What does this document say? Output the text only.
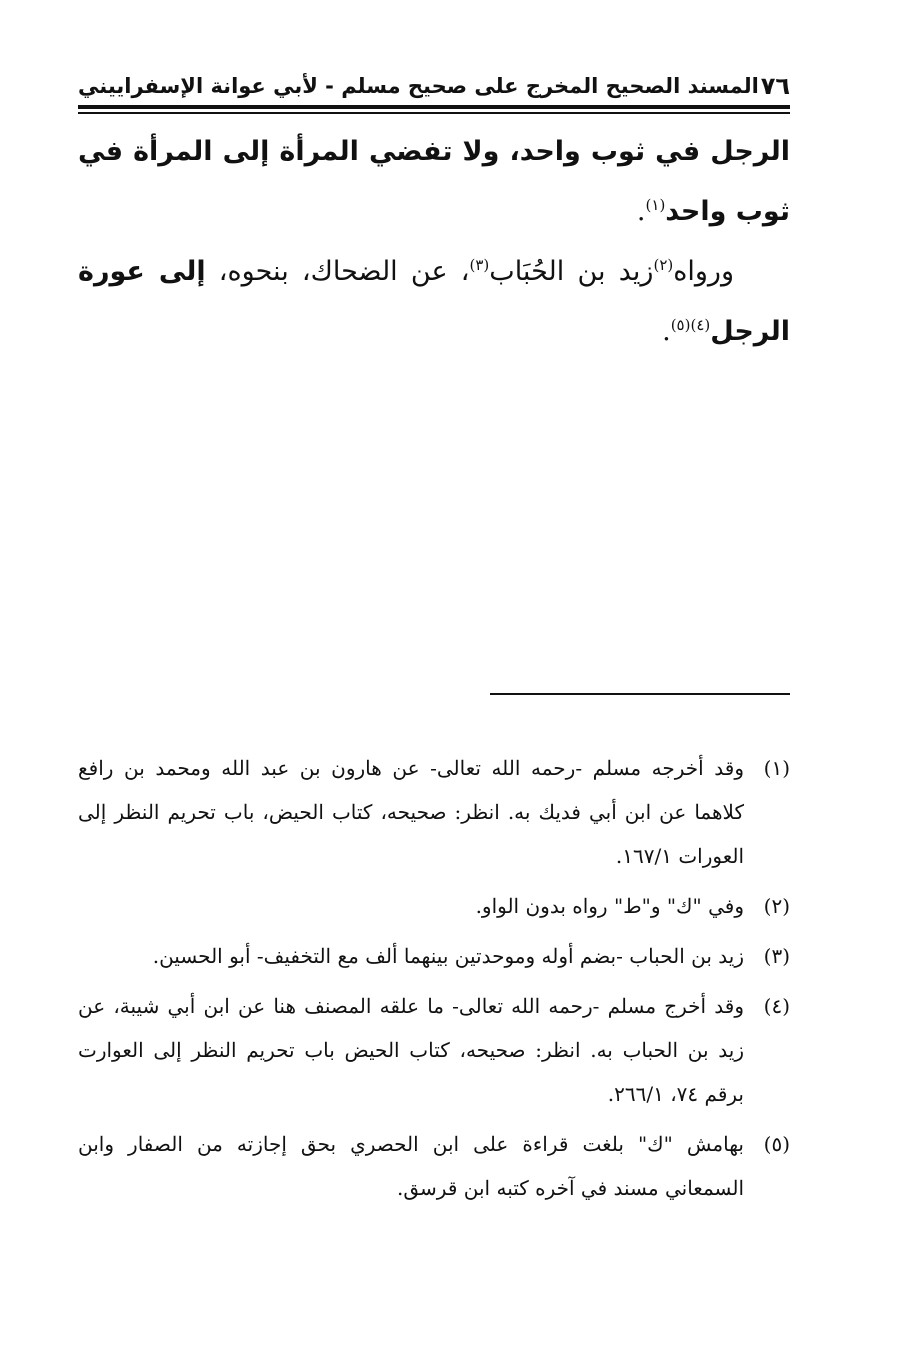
٧٦
المسند الصحيح المخرج على صحيح مسلم - لأبي عوانة الإسفراييني

الرجل في ثوب واحد، ولا تفضي المرأة إلى المرأة في ثوب واحد$^{(١)}$.

ورواه$^{(٢)}$زيد بن الحُبَاب$^{(٣)}$، عن الضحاك، بنحوه، إلى عورة الرجل$^{(٤)(٥)}$.

(١)
وقد أخرجه مسلم -رحمه الله تعالى- عن هارون بن عبد الله ومحمد بن رافع كلاهما عن ابن أبي فديك به. انظر: صحيحه، كتاب الحيض، باب تحريم النظر إلى العورات ١٦٧/١.
(٢)
وفي "ك" و"ط" رواه بدون الواو.
(٣)
زيد بن الحباب -بضم أوله وموحدتين بينهما ألف مع التخفيف- أبو الحسين.
(٤)
وقد أخرج مسلم -رحمه الله تعالى- ما علقه المصنف هنا عن ابن أبي شيبة، عن زيد بن الحباب به. انظر: صحيحه، كتاب الحيض باب تحريم النظر إلى العوارت برقم ٧٤، ٢٦٦/١.
(٥)
بهامش "ك" بلغت قراءة على ابن الحصري بحق إجازته من الصفار وابن السمعاني مسند في آخره كتبه ابن قرسق.
